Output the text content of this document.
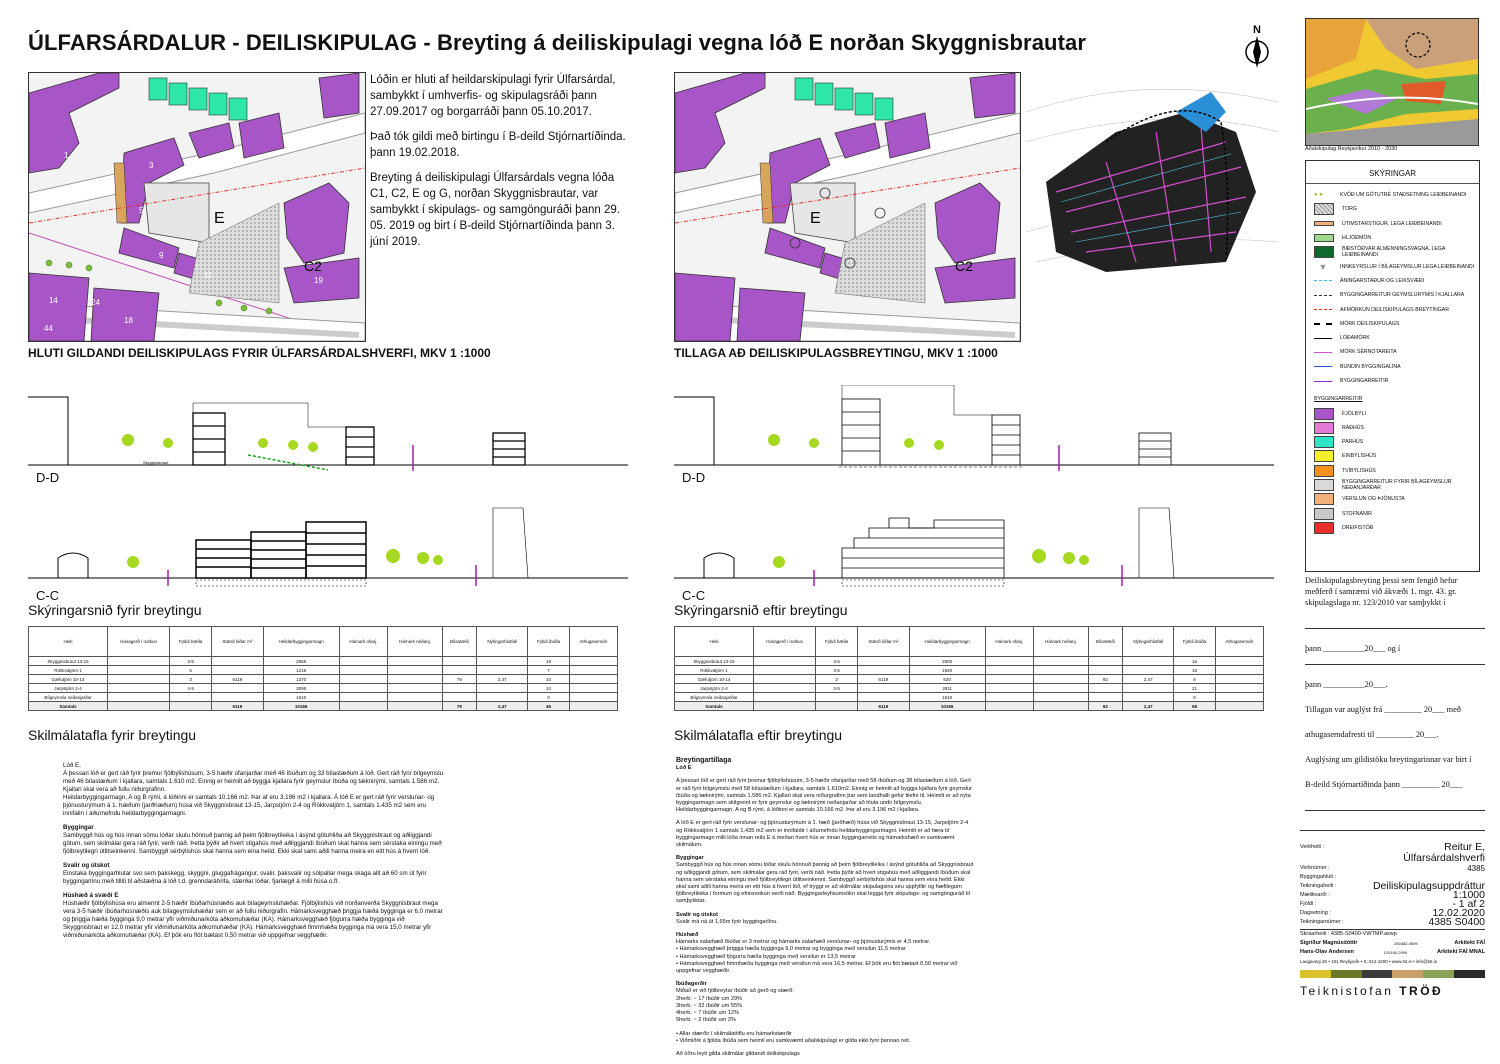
ÚLFARSÁRDALUR - DEILISKIPULAG - Breyting á deiliskipulagi vegna lóð E norðan Skyggnisbrautar	N
E
C2
1
3
5
9
11
14	24
18
44
19
HLUTI GILDANDI DEILISKIPULAGS FYRIR ÚLFARSÁRDALSHVERFI, MKV 1 :1000

Lóðin er hluti af heildarskipulagi fyrir Úlfarsárdal, sambykkt í umhverfis- og skipulagsráði þann 27.09.2017 og borgarráði þann 05.10.2017.

Það tók gildi með birtingu í B-deild Stjórnartíðinda. þann 19.02.2018.

Breyting á deiliskipulagi Úlfarsárdals vegna lóða C1, C2, E og G, norðan Skyggnisbrautar, var sambykkt í skipulags- og samgönguráði þann 29. 05. 2019 og birt í B-deild Stjórnartíðinda þann 3. júní 2019.

E
C2
TILLAGA AÐ DEILISKIPULAGSBREYTINGU, MKV 1 :1000
Aðalskipulag Reykjavíkur 2010 - 2030
Skyggnisbraut
D-D	D-D
C-C
Skýringarsnið fyrir breytingu
C-C
Skýringarsnið eftir breytingu
Heiti	Húsagerð / notkun	Fjöldi hæða	Stærð lóðar m²	Heildarbyggingarmagn	Hámark ofanj.	Hámark neðanj.	Bílastæði	Nýtingarhlutfall	Fjöldi íbúða	Athugasemdir
Skyggnisbraut 13-15		3-5		2565					19	
Rökkvatjörn 1		5		1216					7	
Gæfutjörn 10-14		3	6119	1370			79	2,47	10	
Jarpstjörn 2-4		4-5		3095					10	
Bílgeymsla neðanjarðar				1610					0	
Samtals			6119	10166			79	2,47	46	
Skilmálatafla fyrir breytingu
Heiti	Húsagerð / notkun	Fjöldi hæða	Stærð lóðar m²	Heildarbyggingarmagn	Hámark ofanj.	Hámark neðanj.	Bílastæði	Nýtingarhlutfall	Fjöldi íbúða	Athugasemdir
Skyggnisbraut 13-15		3-5		2500					16	
Rökkvatjörn 1		3-5		1920					15	
Gæfutjörn 10-14		3	6119	620			92	2,47	6	
Jarpstjörn 2-4		3-5		2811					21	
Bílgeymsla neðanjarðar				1610					0	
Samtals			6119	10166			92	2,47	58	
Skilmálatafla eftir breytingu

Lóð E,
Á þessari lóð er gert ráð fyrir þremur fjölbýlishúsum, 3-5 hæðir ofanjarðar með 46 íbúðum og 33 bílastæðum á lóð. Gert ráð fyrir bílgeymslu með 46 bílastæðum í kjallara, samtals 1.610 m2. Einnig er heimilt að byggja kjallara fyrir geymslur íbúða og tæknirými, samtals 1.586 m2. Kjallari skal vera að fullu niðurgrafinn.
Heildarbyggingarmagn, A og B rými, á lóðinni er samtals 10.166 m2. Þar af eru 3.196 m2 í kjallara. Á lóð E er gert ráð fyrir verslunar- og þjónusturýmum á 1. hæðum (jarðhæðum) húsa við Skyggnisbraut 13-15, Jarpstjörn 2-4 og Rökkvatjörn 1, samtals 1.435 m2 sem eru innifalin í áðurnefndu heildarbyggingarmagni.

Byggingar
Sambyggð hús og hús innan sömu lóðar skulu hönnuð þannig að þeim fjölbreytileika í ásýnd götuhliða að Skyggnisbraut og aðliggjandi götum, sem skilmálar gera ráð fyrir, verði náð. Þetta þýðir að hvert stigahús með aðliggjandi íbúðum skal hanna sem sérstaka einingu með fjölbreytilegri útlitseinkenni. Sambyggð sérbýlishús skal hanna sem eina heild. Ekki skal sami aðili hanna meira en eitt hús á hverri lóð.

Svalir og útskot
Einstaka byggingarhlutar svo sem þakskegg, skyggni, gluggafrágangur, svalir, þaksvalir og sólpallar mega skaga allt að 60 sm út fyrir byggingarlínu með tilliti til aðstæðna á lóð t.d. grenndaráhrifa, stærðar lóðar, fjarlægð á milli húsa o.fl.

Húshæð á svæði E
Húshæðir fjölbýlishúsa eru almennt 2-5 hæðir íbúðarhúsnæðis auk bílageymsluhæðar. Fjölbýlishús við norðanverða Skyggnisbraut mega vera 3-5 hæðir íbúðarhúsnæðis auk bílageymsluhæðar sem er að fullu niðurgrafin. Hámarksvegghæð þriggja hæða bygginga er 6,0 metrar og þriggja hæða bygginga 9,0 metrar yfir viðmiðunarkóta aðkomuhæðar (KA). Hámarksvegghæð fjögurra hæða bygginga við Skyggnisbraut er 12,0 metrar yfir viðmiðunarkóta aðkomuhæðar (KA). Hámarksvegghæð fimmhæða bygginga má vera 15,0 metrar yfir viðmiðunarkóta aðkomuhæðar (KA). Ef þök eru flöt bætast 0,50 metrar við uppgefnar vegghæðir.

Breytingartillaga
Lóð E

Á þessari lóð er gert ráð fyrir þremur fjölbýlishúsum, 3-5 hæðir ofanjarðar með 58 íbúðum og 38 bílastæðum á lóð. Gert er ráð fyrir bílgeymslu með 58 bílastæðum í kjallara, samtals 1.610m2. Einnig er heimilt að byggja kjallara fyrir geymslur íbúða og tæknirými, samtals 1.586 m2. Kjallari skal vera niðurgrafinn þar sem landhalli gefur tilefni til. Heimilt er að nýta byggingarmagn sem skilgreint er fyrir geymslur og tæknirými neðanjarðar að hluta undir bílgeymslu. Heildarbyggingarmagn, A og B rými, á lóðinni er samtals 10.166 m2. Þar af eru 3.196 m2 í kjallara.

Á lóð E er gert ráð fyrir verslunar- og þjónusturýmum á 1. hæð (jarðhæð) húsa við Skyggnisbraut 13-15, Jarpstjörn 2-4 og Rökkvatjörn 1 samtals 1.435 m2 sem er innifaldir í áðurnefndu heildarbyggingarmagni. Heimilt er að færa til byggingarmagn milli lóða innan reits E á meðan hvert hús er innan byggingarreits og hámarkshæð er samkvæmt skilmálum.

Byggingar
Sambyggð hús og hús innan sömu lóðar skulu hönnuð þannig að þeim fjölbreytileika í ásýnd götuhliða að Skyggnisbraut og aðliggjandi götum, sem skilmálar gera ráð fyrir, verði náð. Þetta þýðir að hvert stigahús með aðliggjandi íbúðum skal hanna sem sérstaka einingu með fjölbreytilegri útlitseinkenni. Sambyggð sérbýlishús skal hanna sem eina heild. Ekki skal sami aðili hanna meira en eitt hús á hverri lóð, ef tryggt er að skilmálar skipulagsins séu uppfylltir og hæfilegum fjölbreytileika í formum og efnisnotkun verði náð. Byggingarleyfisumsókn skal leggja fyrir skipulags- og samgönguráð til samþykktar.

Svalir og útskot
Svalir má ná út 1,65m fyrir byggingarlínu.

Húshæð
Hámarks salarhæð íbúðar er 3 metrar og hámarks salarhæð verslunar- og þjónusturýmis er 4,5 metrar.
• Hámarksvegghæð þriggja hæða bygginga 9,0 metrar og bygginga með versilun 11,5 metrar
• Hámarksvegghæð fjögurra hæða bygginga með versilun er 13,5 metrar
• Hámarksvegghæð fimmhæða bygginga með versilun má vera 16,5 metrar. Ef þök eru flöt bætast 0,50 metrar við uppgefnar vegghæðir.

Íbúðagerðir
Miðað er við fjölbreytar íbúðir að gerð og stærð:
2herb. ~ 17 íbúðir um 29%
3herb. ~ 32 íbúðir um 55%
4herb. ~ 7 íbúðir um 12%
5herb. ~ 2 íbúðir um 3%

• Allar stærðir í skilmálatöflu eru hámarkstærðir
• Viðmiðrk á fjölda íbúða sem heimil eru samkvæmt aðalskipulagi er gilda ekki fyrir þennan reit.

Að öðru leyti gilda skilmálar gildandi deiliskipulags

SKÝRINGAR
● ●	KVÖÐ UM GÖTUTRÉ STAÐSETNING LEIÐBEINANDI
TORG
ÚTIMSTARSTIGUR, LEGA LEIÐBEINANDI
HLJÓÐMÖN
BIÐSTÖÐVAR ALMENNINGSVAGNA, LEGA LEIÐBEINANDI
▼	INNKEYRSLUR Í BÍLAGEYMSLUR LEGA LEIÐBEINANDI
ÁNINGARSTAÐUR OG LEIKSVÆÐI
BYGGINGARREITUR GEYMSLURÝMIS Í KJALLARA
AFMÖRKUN DEILISKIPULAGS-BREYTINGAR
MÖRK DEILISKIPULAGS
LÓÐAMÖRK
MÖRK SÉRNOTAREITA
BUNDIN BYGGINGALÍNA
BYGGINGARREITIR
BYGGINGARREITIR
FJÖLBÝLI
RAÐHÚS
PARHÚS
EINBÝLISHÚS
TVÍBÝLISHÚS
BYGGINGARREITUR FYRIR BÍLAGEYMSLUR NEÐANJARÐAR
VERSLUN OG ÞJÓNUSTA
STOFNANIR
DREIFISTÖÐ
Deiliskipulagsbreyting þessi sem fengið hefur meðferð í samræmi við ákvæði 1. mgr. 43. gr. skipulagslaga nr. 123/2010 var samþykkt í
þann __________20___ og í
þann __________20___.
Tillagan var auglýst frá _________ 20___ með
athugasemdafresti til _________ 20___.
Auglýsing um gildistöku breytingarinnar var birt í
B-deild Stjórnartíðinda þann _________ 20___
Verkheiti :	Reitur E,
Úlfarsárdalshverfi
Verknúmer :	4385
Byggingahluti :
Teikningaheiti :	Deiliskipulagsuppdráttur
Mælikvarði :	1:1000
Fjöldi :	- 1 af 2
Dagsetning :	12.02.2020
Teikningarnúmer :	4385 S0400
Skráarheiti : 4385-S0400-VWTMP.aswp
Sigríður Magnúsdóttir	260382-4599	Arkitekt FAÍ
Hans-Olav Andersen	120160-2099	Arkitekt FAÍ MNAL
Laugavegi 26 • 101 Reykjavík • S: 512 4200 • www.tst.is • info@tst.is
Teiknistofan TRÖÐ
